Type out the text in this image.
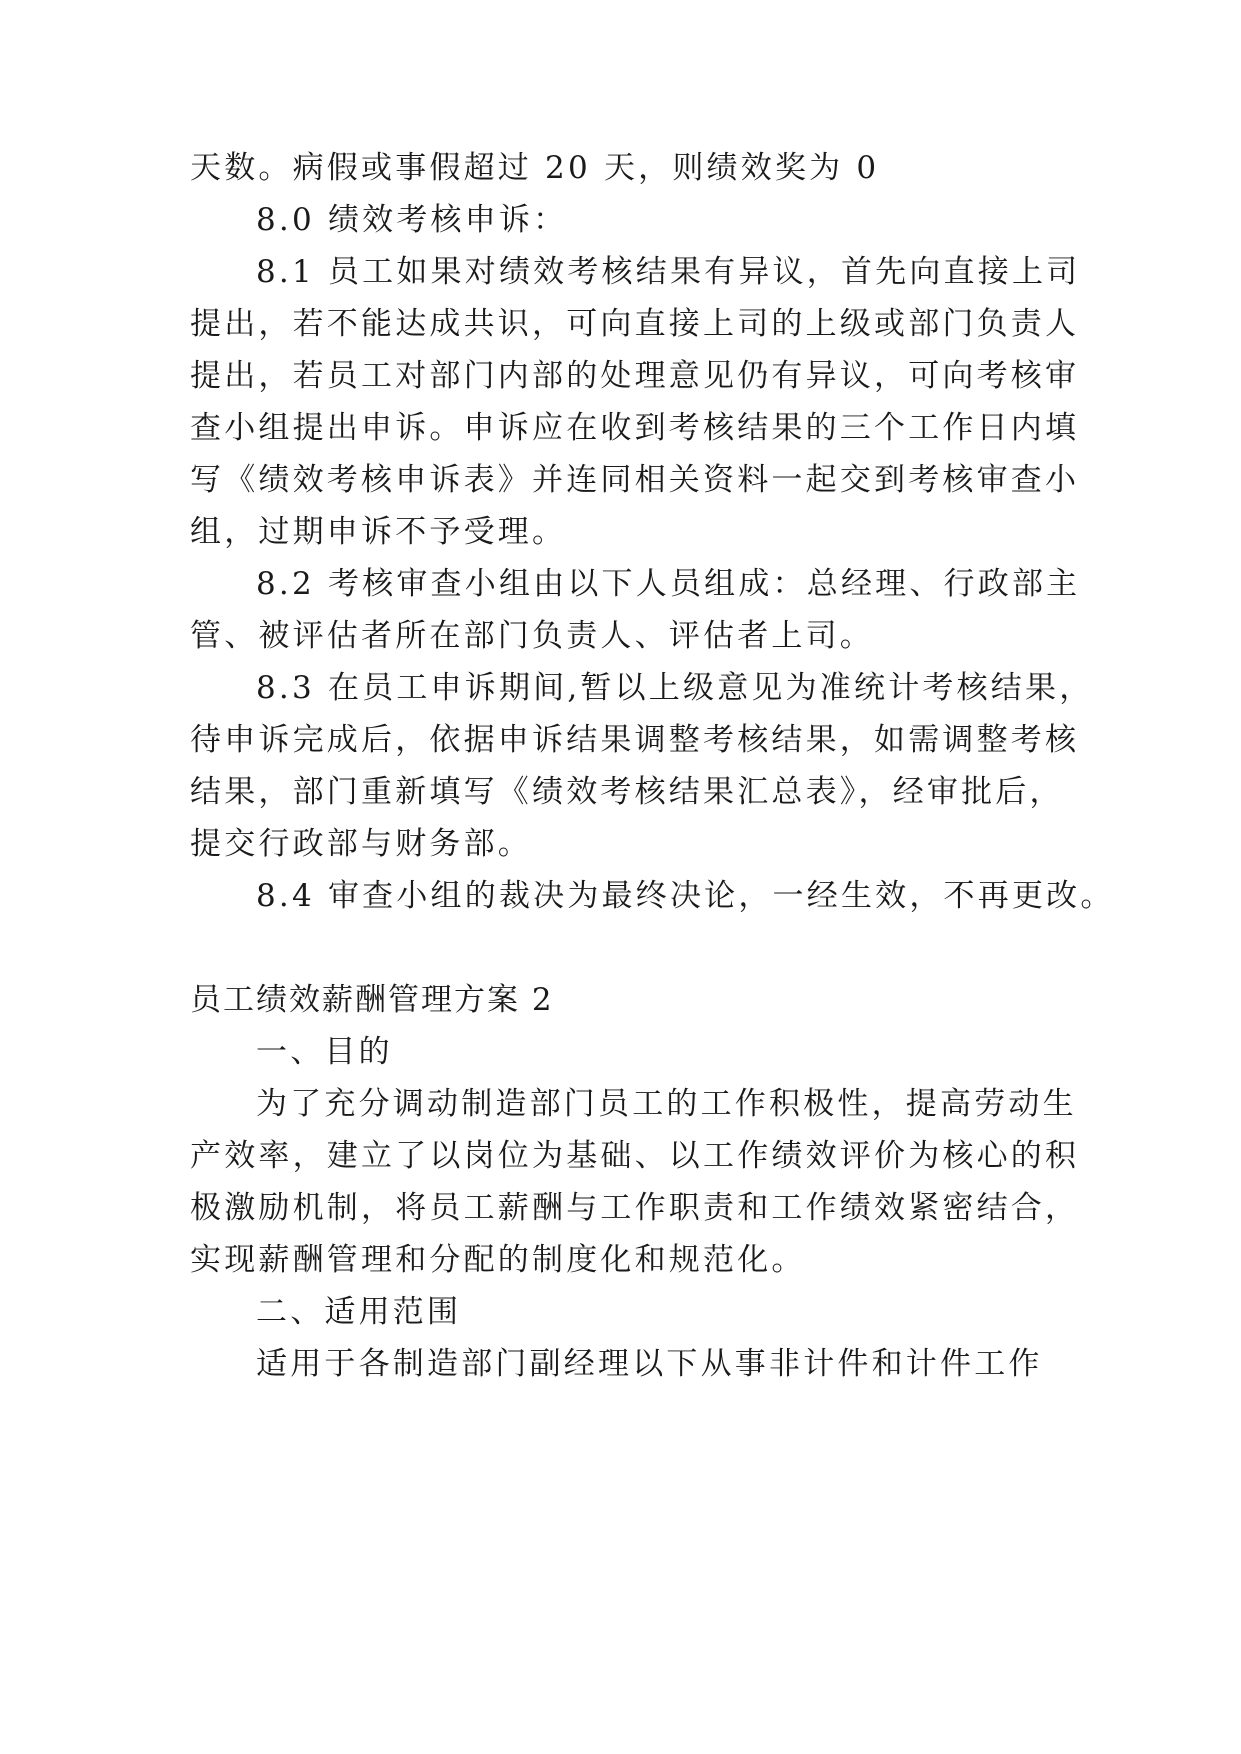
天数。病假或事假超过 20 天，则绩效奖为 0
8.0 绩效考核申诉：
8.1 员工如果对绩效考核结果有异议，首先向直接上司
提出，若不能达成共识，可向直接上司的上级或部门负责人
提出，若员工对部门内部的处理意见仍有异议，可向考核审
查小组提出申诉。申诉应在收到考核结果的三个工作日内填
写《绩效考核申诉表》并连同相关资料一起交到考核审查小
组，过期申诉不予受理。
8.2 考核审查小组由以下人员组成：总经理、行政部主
管、被评估者所在部门负责人、评估者上司。
8.3 在员工申诉期间,暂以上级意见为准统计考核结果，
待申诉完成后，依据申诉结果调整考核结果，如需调整考核
结果，部门重新填写《绩效考核结果汇总表》，经审批后，
提交行政部与财务部。
8.4 审查小组的裁决为最终决论，一经生效，不再更改。
员工绩效薪酬管理方案 2
一、目的
为了充分调动制造部门员工的工作积极性，提高劳动生
产效率，建立了以岗位为基础、以工作绩效评价为核心的积
极激励机制，将员工薪酬与工作职责和工作绩效紧密结合，
实现薪酬管理和分配的制度化和规范化。
二、适用范围
适用于各制造部门副经理以下从事非计件和计件工作
